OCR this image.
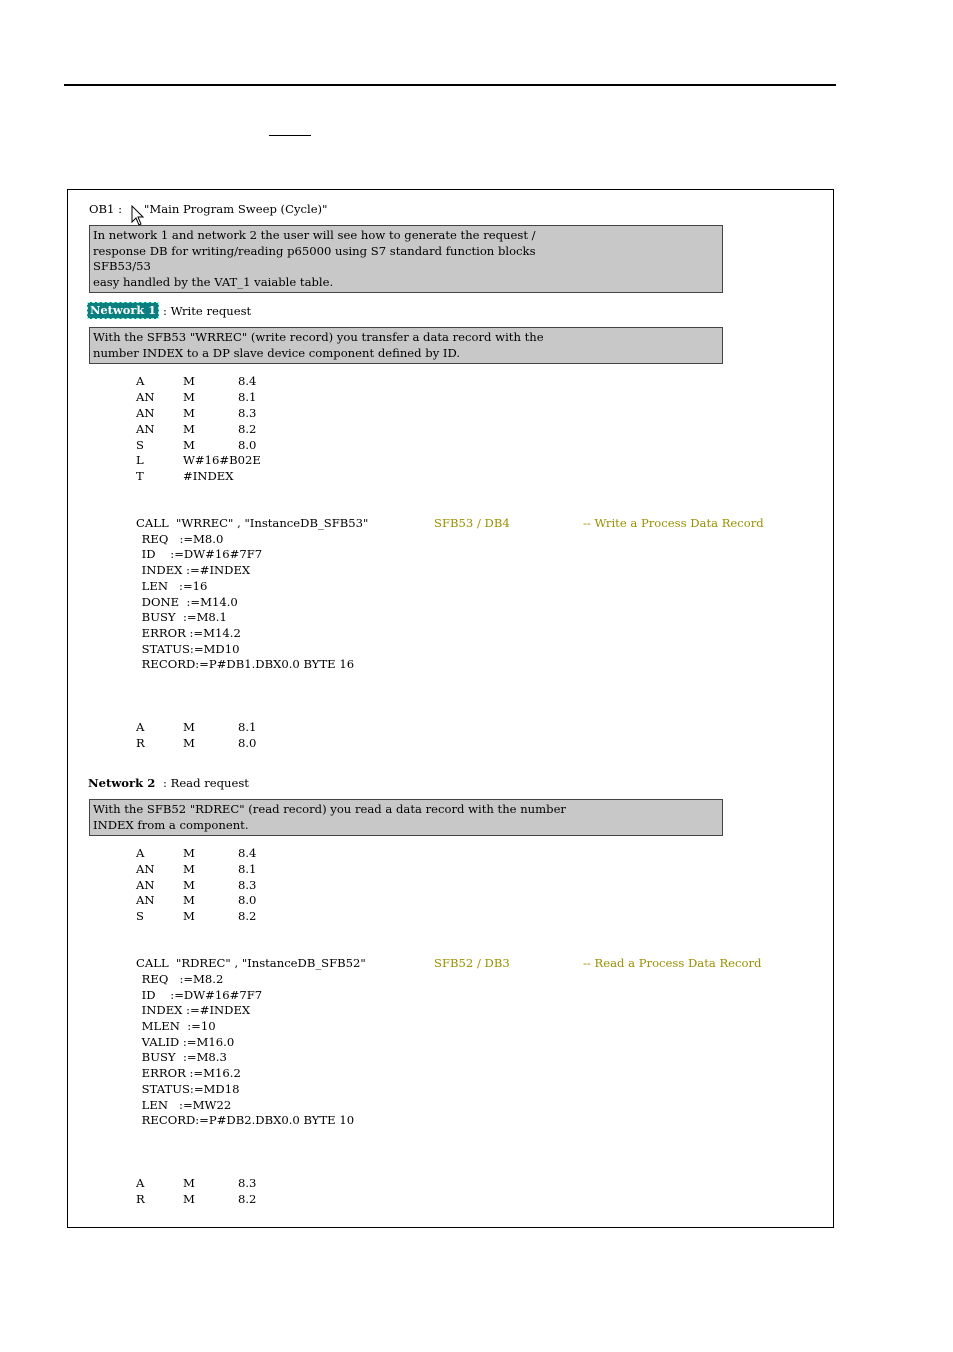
OB1 : "Main Program Sweep (Cycle)"
In network 1 and network 2 the user will see how to generate the request /
response DB for writing/reading p65000 using S7 standard function blocks
SFB53/53
easy handled by the VAT_1 vaiable table.
Network 1 : Write request
With the SFB53 "WRREC" (write record) you transfer a data record with the
number INDEX to a DP slave device component defined by ID.
A	M	8.4
AN M	8.1
AN M	8.3
AN M	8.2
S	M	8.0
L	W#16#B02E
T	#INDEX
CALL  "WRREC" , "InstanceDB_SFB53"	SFB53 / DB4	-- Write a Process Data Record
REQ   :=M8.0
ID    :=DW#16#7F7
INDEX :=#INDEX
LEN   :=16
DONE  :=M14.0
BUSY  :=M8.1
ERROR :=M14.2
STATUS:=MD10
RECORD:=P#DB1.DBX0.0 BYTE 16
A	M	8.1
R	M	8.0
Network 2 : Read request
With the SFB52 "RDREC" (read record) you read a data record with the number
INDEX from a component.
A	M	8.4
AN M	8.1
AN M	8.3
AN M	8.0
S	M	8.2
CALL  "RDREC" , "InstanceDB_SFB52"	SFB52 / DB3	-- Read a Process Data Record
REQ   :=M8.2
ID    :=DW#16#7F7
INDEX :=#INDEX
MLEN  :=10
VALID :=M16.0
BUSY  :=M8.3
ERROR :=M16.2
STATUS:=MD18
LEN   :=MW22
RECORD:=P#DB2.DBX0.0 BYTE 10
A	M	8.3
R	M	8.2
